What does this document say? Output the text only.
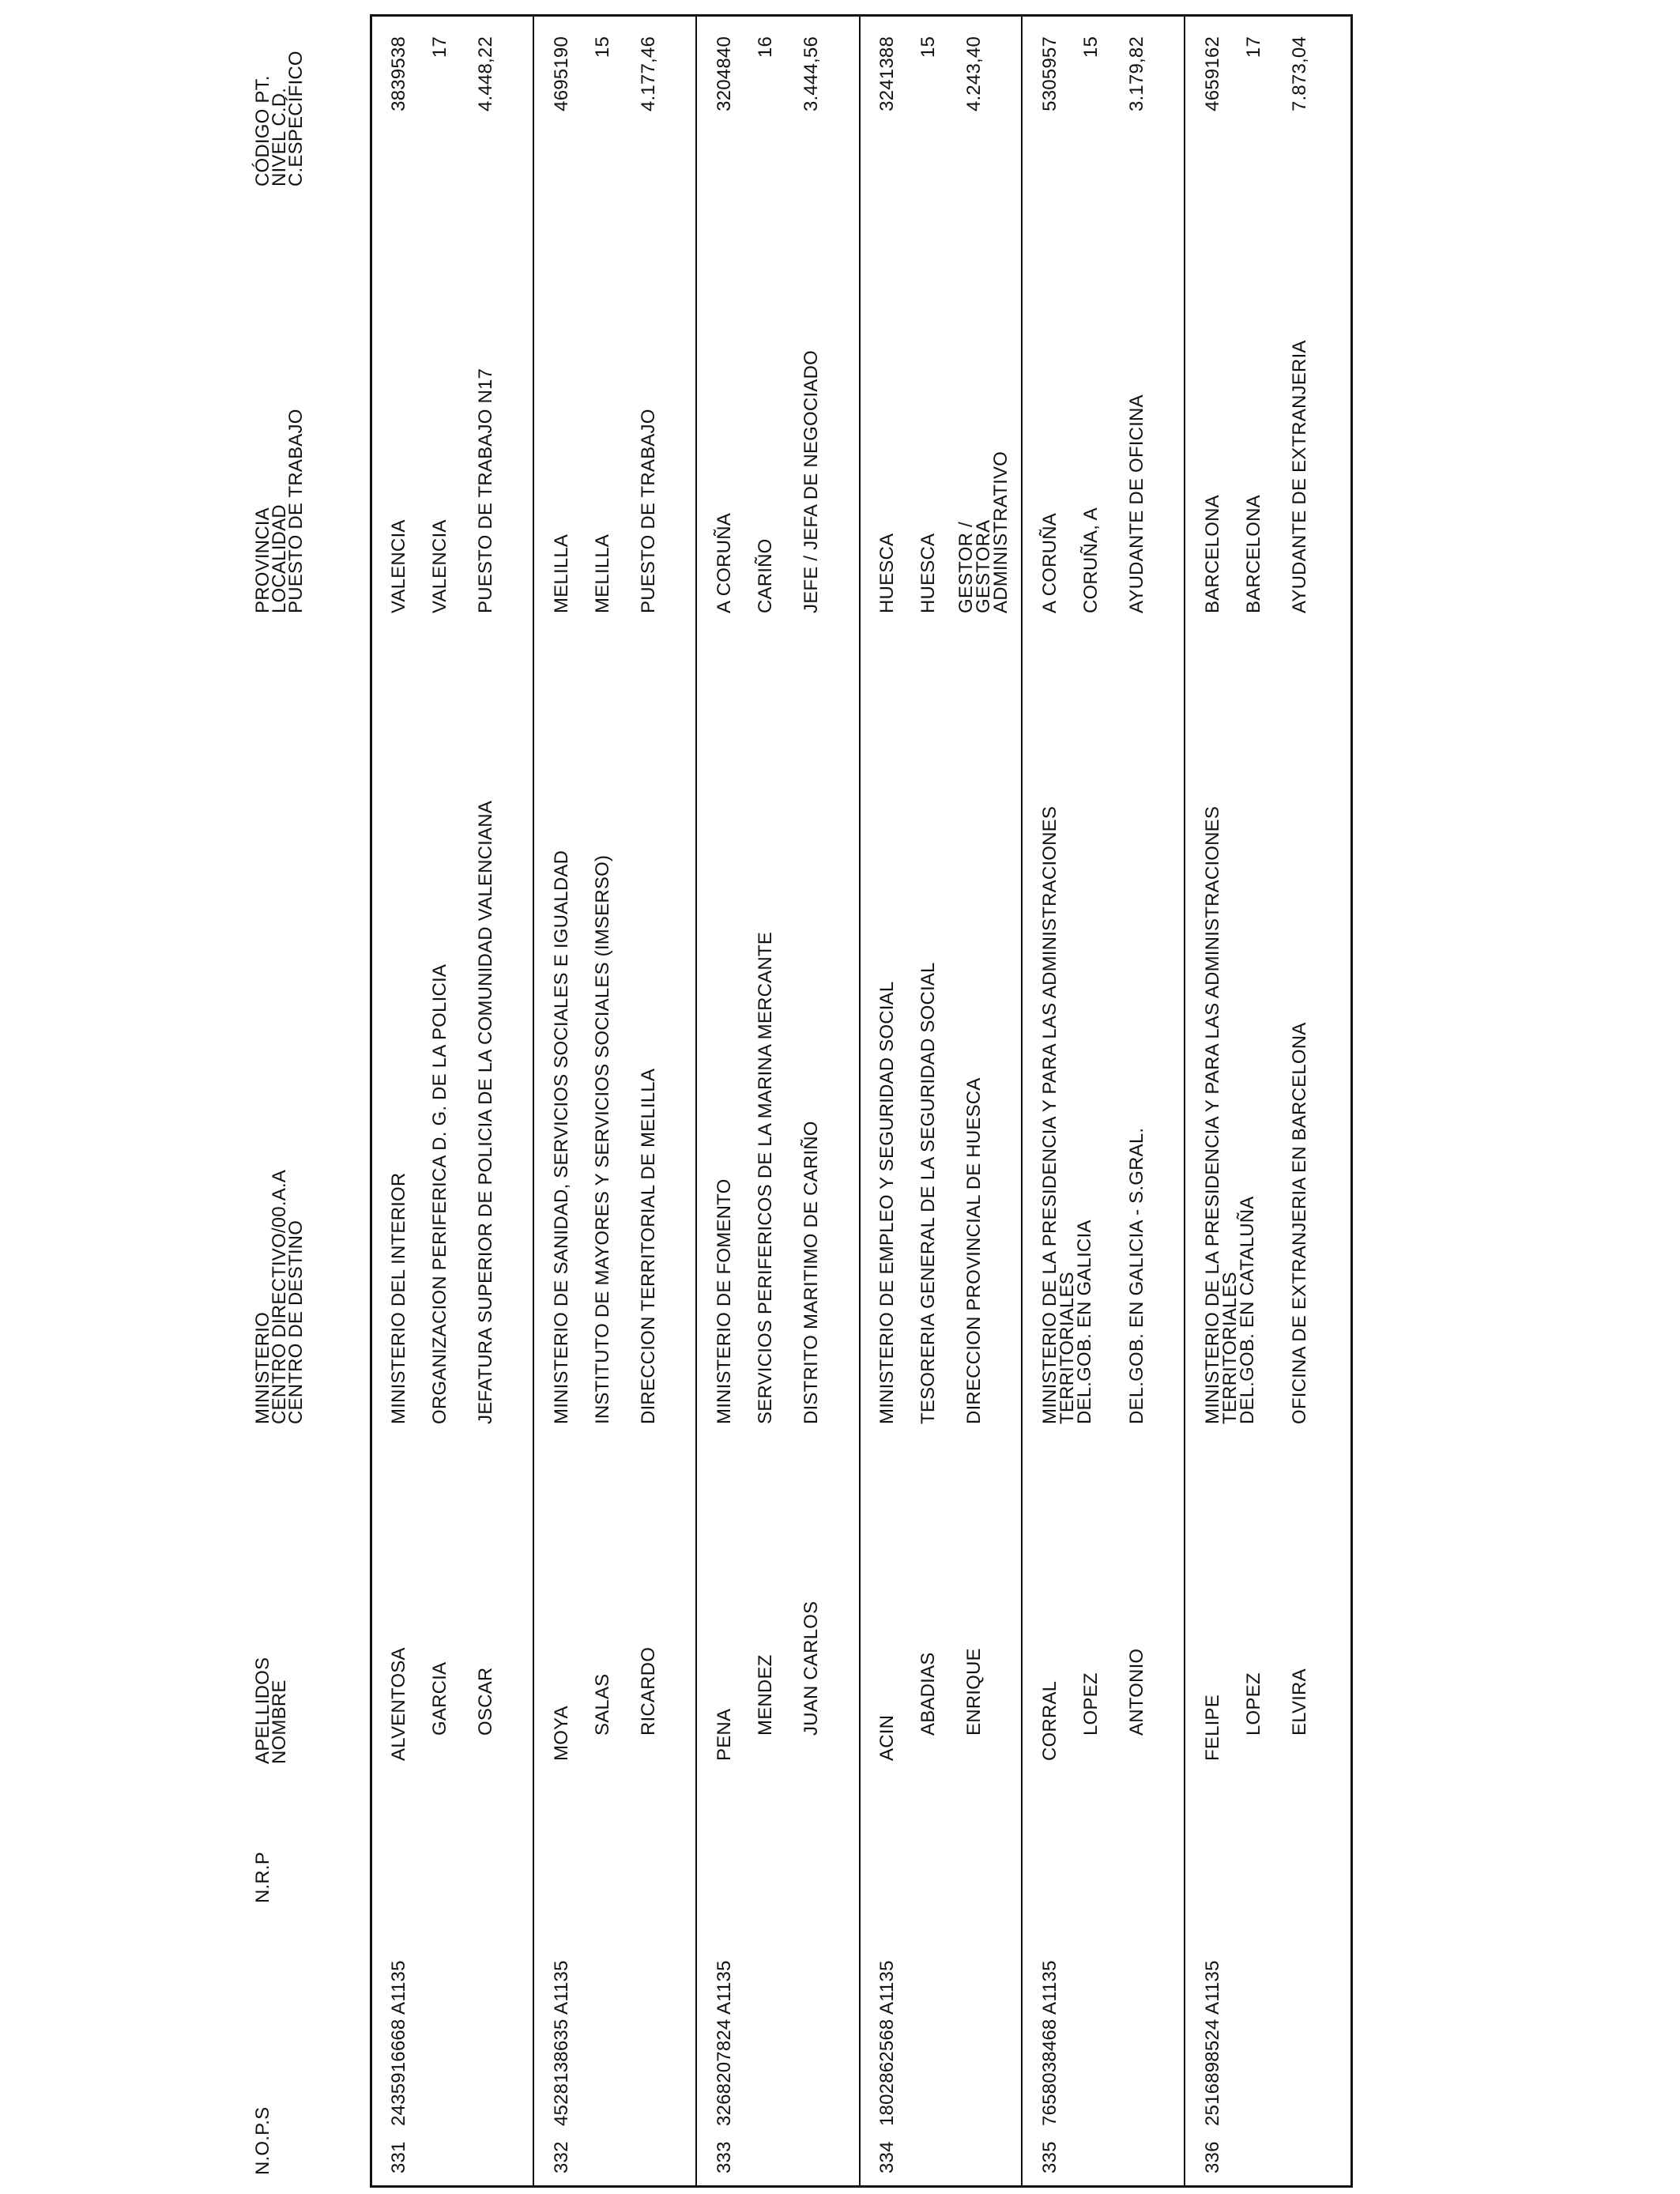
N.O.P.S
N.R.P
APELLIDOS
NOMBRE
MINISTERIO
CENTRO DIRECTIVO/00.A.A
CENTRO DE DESTINO
PROVINCIA
LOCALIDAD
PUESTO DE TRABAJO
CÓDIGO PT.
NIVEL C.D.
C.ESPECÍFICO
331
2435916668 A1135
ALVENTOSA GARCIA OSCAR
MINISTERIO DEL INTERIOR ORGANIZACION PERIFERICA D. G. DE LA POLICIA JEFATURA SUPERIOR DE POLICIA DE LA COMUNIDAD VALENCIANA
VALENCIA VALENCIA PUESTO DE TRABAJO N17
3839538 17 4.448,22
332
4528138635 A1135
MOYA SALAS RICARDO
MINISTERIO DE SANIDAD, SERVICIOS SOCIALES E IGUALDAD INSTITUTO DE MAYORES Y SERVICIOS SOCIALES (IMSERSO) DIRECCION TERRITORIAL DE MELILLA
MELILLA MELILLA PUESTO DE TRABAJO
4695190 15 4.177,46
333
3268207824 A1135
PENA MENDEZ JUAN CARLOS
MINISTERIO DE FOMENTO SERVICIOS PERIFERICOS DE LA MARINA MERCANTE DISTRITO MARITIMO DE CARIÑO
A CORUÑA CARIÑO JEFE / JEFA DE NEGOCIADO
3204840 16 3.444,56
334
1802862568 A1135
ACIN
ABADIAS ENRIQUE
MINISTERIO DE EMPLEO Y SEGURIDAD SOCIAL TESORERIA GENERAL DE LA SEGURIDAD SOCIAL DIRECCION PROVINCIAL DE HUESCA
HUESCA HUESCA GESTOR / GESTORA ADMINISTRATIVO
3241388 15 4.243,40
335
7658038468 A1135
CORRAL LOPEZ ANTONIO
MINISTERIO DE LA PRESIDENCIA Y PARA LAS ADMINISTRACIONES TERRITORIALES
DEL.GOB. EN GALICIA DEL.GOB. EN GALICIA - S.GRAL.
A CORUÑA CORUÑA, A AYUDANTE DE OFICINA
5305957 15 3.179,82
336
2516898524 A1135
FELIPE LOPEZ ELVIRA
MINISTERIO DE LA PRESIDENCIA Y PARA LAS ADMINISTRACIONES TERRITORIALES
DEL.GOB. EN CATALUÑA OFICINA DE EXTRANJERIA EN BARCELONA
BARCELONA BARCELONA AYUDANTE DE EXTRANJERIA
4659162 17 7.873,04
